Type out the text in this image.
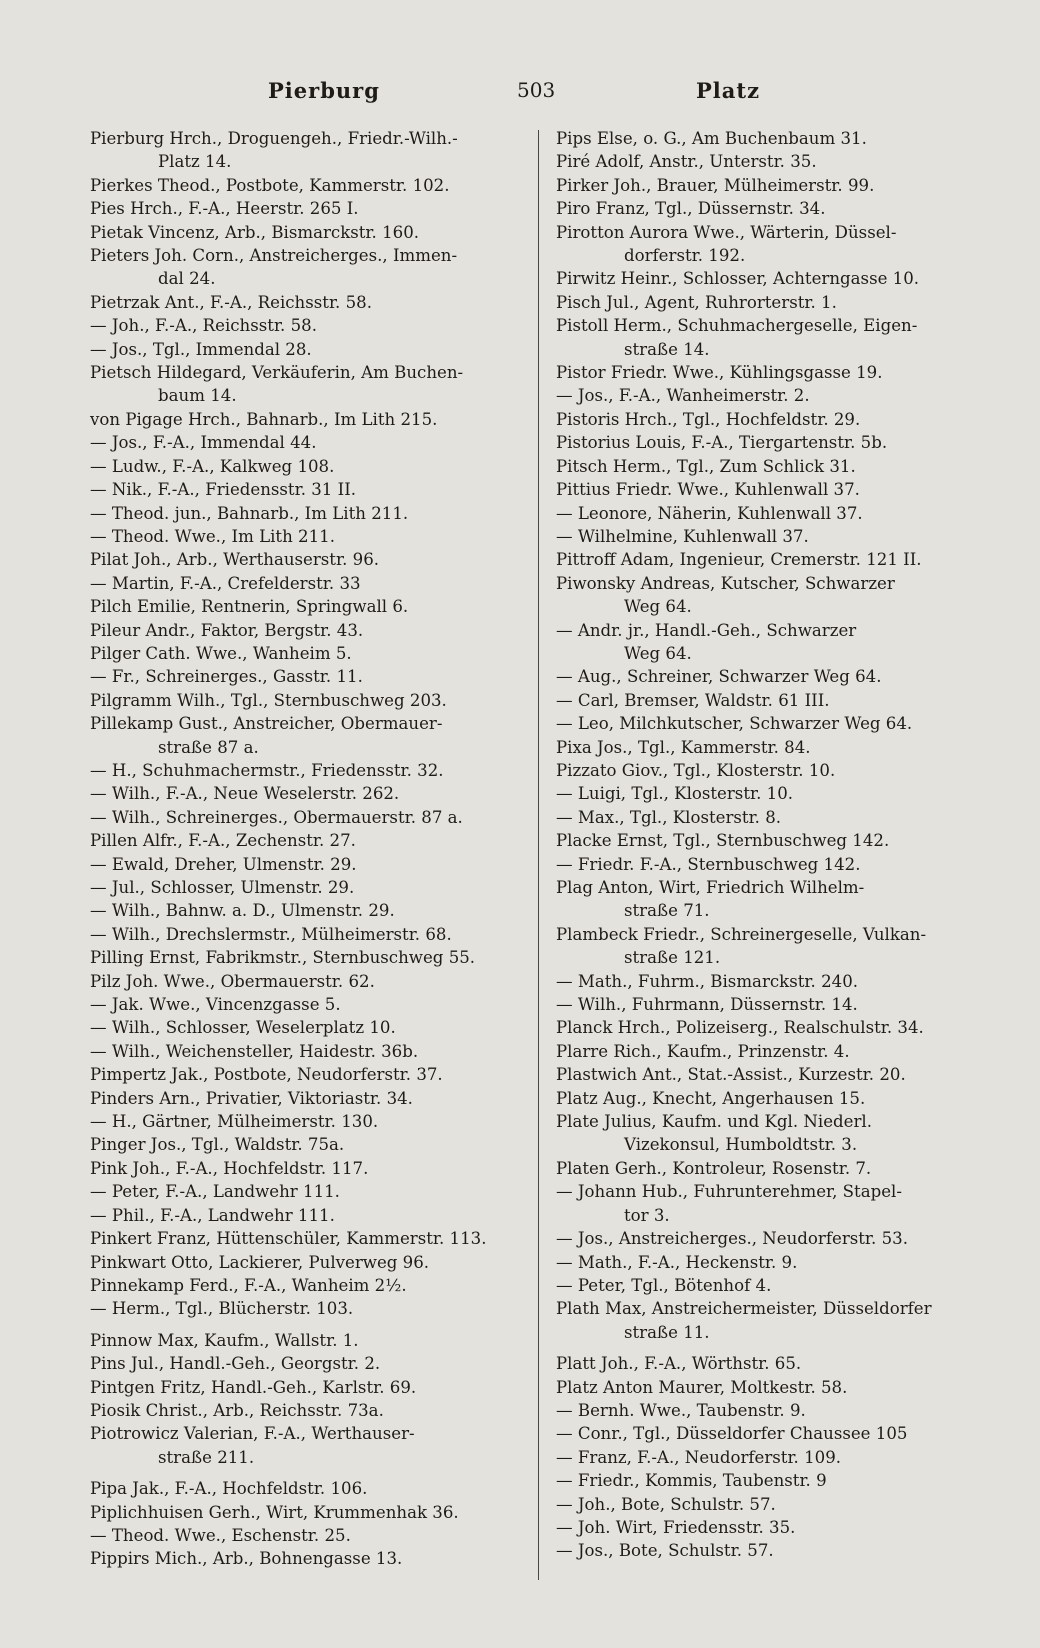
Pierburg	503	Platz
Pierburg Hrch., Droguengeh., Friedr.-Wilh.-
Platz 14.
Pierkes Theod., Postbote, Kammerstr. 102.
Pies Hrch., F.-A., Heerstr. 265 I.
Pietak Vincenz, Arb., Bismarckstr. 160.
Pieters Joh. Corn., Anstreicherges., Immen-
dal 24.
Pietrzak Ant., F.-A., Reichsstr. 58.
— Joh., F.-A., Reichsstr. 58.
— Jos., Tgl., Immendal 28.
Pietsch Hildegard, Verkäuferin, Am Buchen-
baum 14.
von Pigage Hrch., Bahnarb., Im Lith 215.
— Jos., F.-A., Immendal 44.
— Ludw., F.-A., Kalkweg 108.
— Nik., F.-A., Friedensstr. 31 II.
— Theod. jun., Bahnarb., Im Lith 211.
— Theod. Wwe., Im Lith 211.
Pilat Joh., Arb., Werthauserstr. 96.
— Martin, F.-A., Crefelderstr. 33
Pilch Emilie, Rentnerin, Springwall 6.
Pileur Andr., Faktor, Bergstr. 43.
Pilger Cath. Wwe., Wanheim 5.
— Fr., Schreinerges., Gasstr. 11.
Pilgramm Wilh., Tgl., Sternbuschweg 203.
Pillekamp Gust., Anstreicher, Obermauer-
straße 87 a.
— H., Schuhmachermstr., Friedensstr. 32.
— Wilh., F.-A., Neue Weselerstr. 262.
— Wilh., Schreinerges., Obermauerstr. 87 a.
Pillen Alfr., F.-A., Zechenstr. 27.
— Ewald, Dreher, Ulmenstr. 29.
— Jul., Schlosser, Ulmenstr. 29.
— Wilh., Bahnw. a. D., Ulmenstr. 29.
— Wilh., Drechslermstr., Mülheimerstr. 68.
Pilling Ernst, Fabrikmstr., Sternbuschweg 55.
Pilz Joh. Wwe., Obermauerstr. 62.
— Jak. Wwe., Vincenzgasse 5.
— Wilh., Schlosser, Weselerplatz 10.
— Wilh., Weichensteller, Haidestr. 36b.
Pimpertz Jak., Postbote, Neudorferstr. 37.
Pinders Arn., Privatier, Viktoriastr. 34.
— H., Gärtner, Mülheimerstr. 130.
Pinger Jos., Tgl., Waldstr. 75a.
Pink Joh., F.-A., Hochfeldstr. 117.
— Peter, F.-A., Landwehr 111.
— Phil., F.-A., Landwehr 111.
Pinkert Franz, Hüttenschüler, Kammerstr. 113.
Pinkwart Otto, Lackierer, Pulverweg 96.
Pinnekamp Ferd., F.-A., Wanheim 2½.
— Herm., Tgl., Blücherstr. 103.
Pinnow Max, Kaufm., Wallstr. 1.
Pins Jul., Handl.-Geh., Georgstr. 2.
Pintgen Fritz, Handl.-Geh., Karlstr. 69.
Piosik Christ., Arb., Reichsstr. 73a.
Piotrowicz Valerian, F.-A., Werthauser-
straße 211.
Pipa Jak., F.-A., Hochfeldstr. 106.
Piplichhuisen Gerh., Wirt, Krummenhak 36.
— Theod. Wwe., Eschenstr. 25.
Pippirs Mich., Arb., Bohnengasse 13.
Pips Else, o. G., Am Buchenbaum 31.
Piré Adolf, Anstr., Unterstr. 35.
Pirker Joh., Brauer, Mülheimerstr. 99.
Piro Franz, Tgl., Düssernstr. 34.
Pirotton Aurora Wwe., Wärterin, Düssel-
dorferstr. 192.
Pirwitz Heinr., Schlosser, Achterngasse 10.
Pisch Jul., Agent, Ruhrorterstr. 1.
Pistoll Herm., Schuhmachergeselle, Eigen-
straße 14.
Pistor Friedr. Wwe., Kühlingsgasse 19.
— Jos., F.-A., Wanheimerstr. 2.
Pistoris Hrch., Tgl., Hochfeldstr. 29.
Pistorius Louis, F.-A., Tiergartenstr. 5b.
Pitsch Herm., Tgl., Zum Schlick 31.
Pittius Friedr. Wwe., Kuhlenwall 37.
— Leonore, Näherin, Kuhlenwall 37.
— Wilhelmine, Kuhlenwall 37.
Pittroff Adam, Ingenieur, Cremerstr. 121 II.
Piwonsky Andreas, Kutscher, Schwarzer
Weg 64.
— Andr. jr., Handl.-Geh., Schwarzer
Weg 64.
— Aug., Schreiner, Schwarzer Weg 64.
— Carl, Bremser, Waldstr. 61 III.
— Leo, Milchkutscher, Schwarzer Weg 64.
Pixa Jos., Tgl., Kammerstr. 84.
Pizzato Giov., Tgl., Klosterstr. 10.
— Luigi, Tgl., Klosterstr. 10.
— Max., Tgl., Klosterstr. 8.
Placke Ernst, Tgl., Sternbuschweg 142.
— Friedr. F.-A., Sternbuschweg 142.
Plag Anton, Wirt, Friedrich Wilhelm-
straße 71.
Plambeck Friedr., Schreinergeselle, Vulkan-
straße 121.
— Math., Fuhrm., Bismarckstr. 240.
— Wilh., Fuhrmann, Düssernstr. 14.
Planck Hrch., Polizeiserg., Realschulstr. 34.
Plarre Rich., Kaufm., Prinzenstr. 4.
Plastwich Ant., Stat.-Assist., Kurzestr. 20.
Platz Aug., Knecht, Angerhausen 15.
Plate Julius, Kaufm. und Kgl. Niederl.
Vizekonsul, Humboldtstr. 3.
Platen Gerh., Kontroleur, Rosenstr. 7.
— Johann Hub., Fuhrunterehmer, Stapel-
tor 3.
— Jos., Anstreicherges., Neudorferstr. 53.
— Math., F.-A., Heckenstr. 9.
— Peter, Tgl., Bötenhof 4.
Plath Max, Anstreichermeister, Düsseldorfer
straße 11.
Platt Joh., F.-A., Wörthstr. 65.
Platz Anton Maurer, Moltkestr. 58.
— Bernh. Wwe., Taubenstr. 9.
— Conr., Tgl., Düsseldorfer Chaussee 105
— Franz, F.-A., Neudorferstr. 109.
— Friedr., Kommis, Taubenstr. 9
— Joh., Bote, Schulstr. 57.
— Joh. Wirt, Friedensstr. 35.
— Jos., Bote, Schulstr. 57.
